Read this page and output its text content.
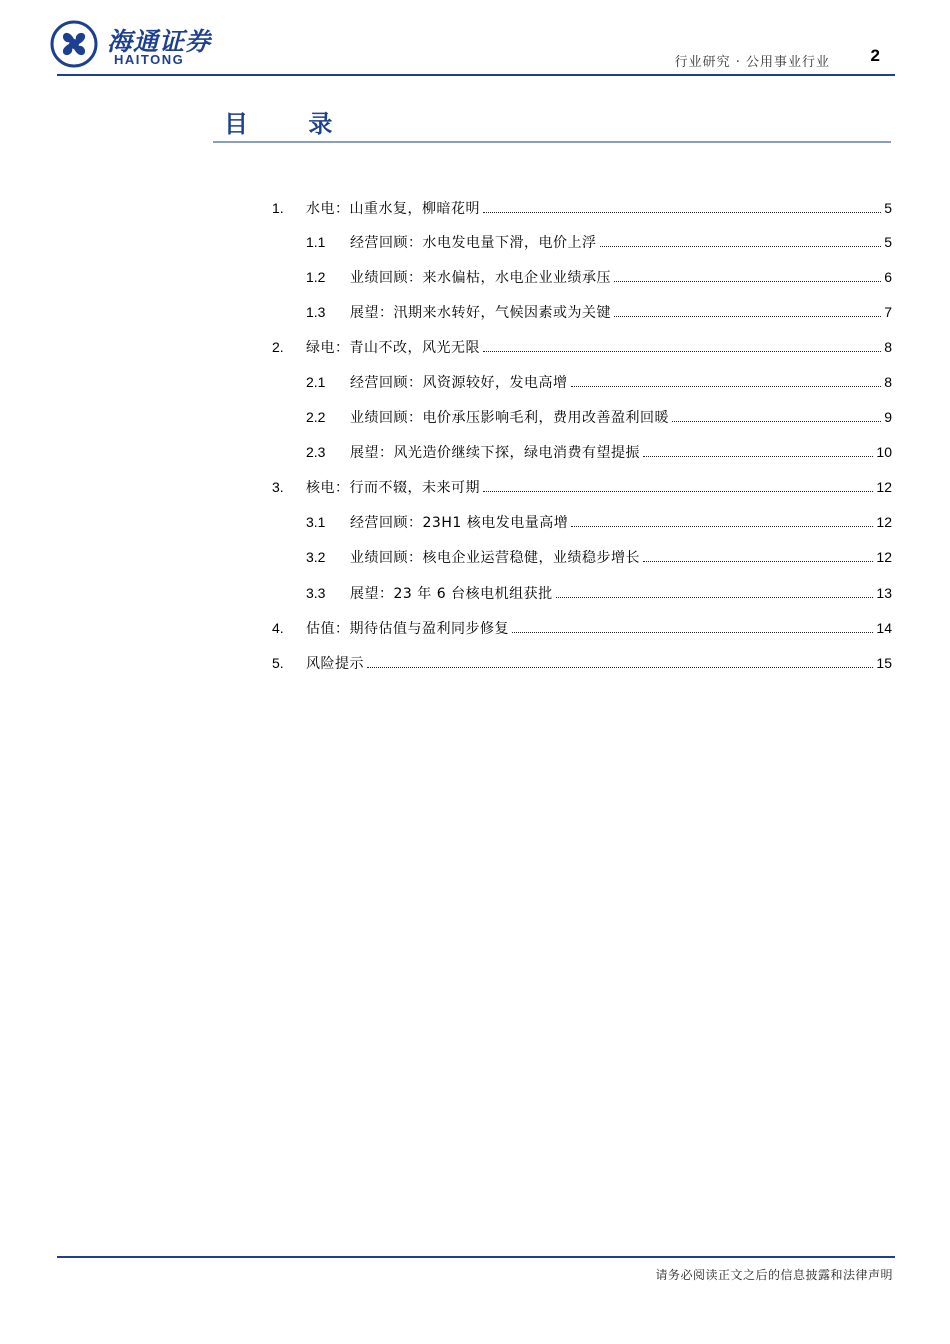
海通证券
HAITONG	行业研究 · 公用事业行业 2
目 录
1.	水电：山重水复，柳暗花明	5
1.1	经营回顾：水电发电量下滑，电价上浮	5
1.2	业绩回顾：来水偏枯，水电企业业绩承压	6
1.3	展望：汛期来水转好，气候因素或为关键	7
2.	绿电：青山不改，风光无限	8
2.1	经营回顾：风资源较好，发电高增	8
2.2	业绩回顾：电价承压影响毛利，费用改善盈利回暖	9
2.3	展望：风光造价继续下探，绿电消费有望提振	10
3.	核电：行而不辍，未来可期	12
3.1	经营回顾：23H1 核电发电量高增	12
3.2	业绩回顾：核电企业运营稳健，业绩稳步增长	12
3.3	展望：23 年 6 台核电机组获批	13
4.	估值：期待估值与盈利同步修复	14
5.	风险提示	15
请务必阅读正文之后的信息披露和法律声明
